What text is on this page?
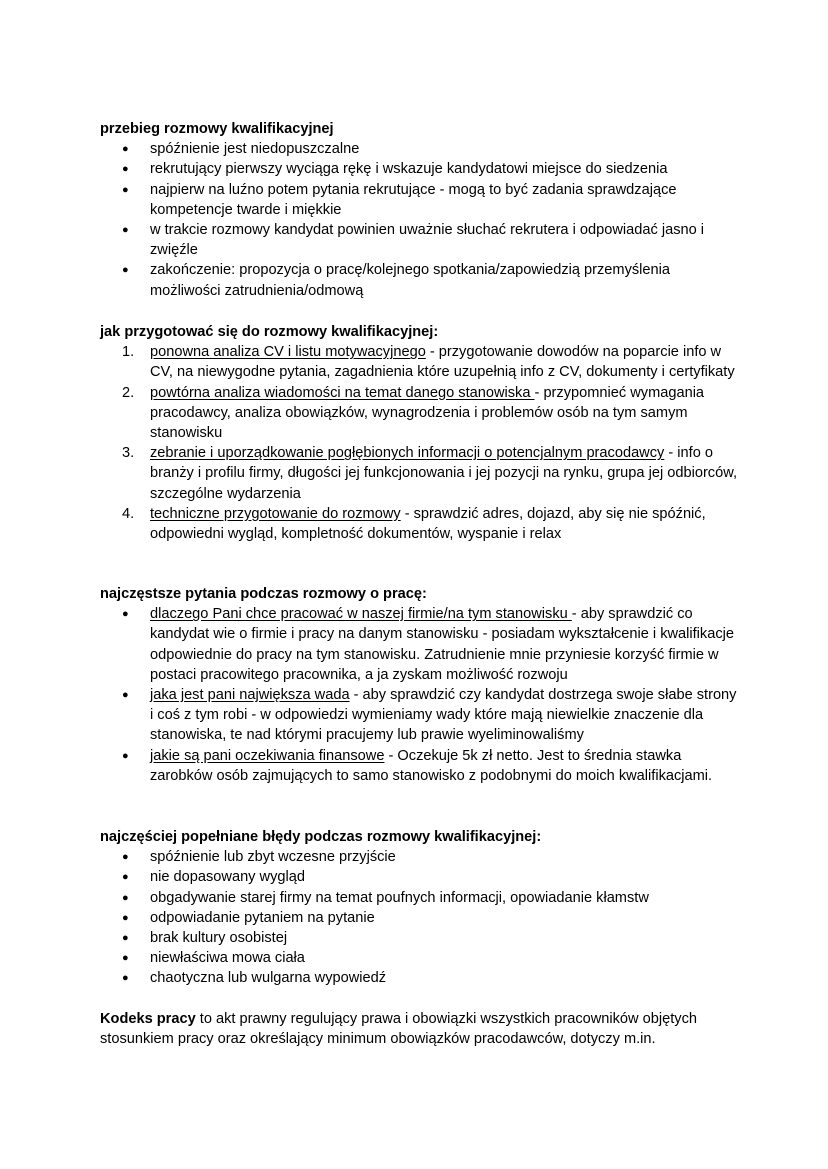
przebieg rozmowy kwalifikacyjnej

● spóźnienie jest niedopuszczalne
● rekrutujący pierwszy wyciąga rękę i wskazuje kandydatowi miejsce do siedzenia
● najpierw na luźno potem pytania rekrutujące - mogą to być zadania sprawdzające kompetencje twarde i miękkie
● w trakcie rozmowy kandydat powinien uważnie słuchać rekrutera i odpowiadać jasno i zwięźle
● zakończenie: propozycja o pracę/kolejnego spotkania/zapowiedzią przemyślenia możliwości zatrudnienia/odmową

jak przygotować się do rozmowy kwalifikacyjnej:

1. ponowna analiza CV i listu motywacyjnego - przygotowanie dowodów na poparcie info w CV, na niewygodne pytania, zagadnienia które uzupełnią info z CV, dokumenty i certyfikaty
2. powtórna analiza wiadomości na temat danego stanowiska - przypomnieć wymagania pracodawcy, analiza obowiązków, wynagrodzenia i problemów osób na tym samym stanowisku
3. zebranie i uporządkowanie pogłębionych informacji o potencjalnym pracodawcy - info o branży i profilu firmy, długości jej funkcjonowania i jej pozycji na rynku, grupa jej odbiorców, szczególne wydarzenia
4. techniczne przygotowanie do rozmowy - sprawdzić adres, dojazd, aby się nie spóźnić, odpowiedni wygląd, kompletność dokumentów, wyspanie i relax

najczęstsze pytania podczas rozmowy o pracę:

● dlaczego Pani chce pracować w naszej firmie/na tym stanowisku - aby sprawdzić co kandydat wie o firmie i pracy na danym stanowisku - posiadam wykształcenie i kwalifikacje odpowiednie do pracy na tym stanowisku. Zatrudnienie mnie przyniesie korzyść firmie w postaci pracowitego pracownika, a ja zyskam możliwość rozwoju
● jaka jest pani największa wada - aby sprawdzić czy kandydat dostrzega swoje słabe strony i coś z tym robi - w odpowiedzi wymieniamy wady które mają niewielkie znaczenie dla stanowiska, te nad którymi pracujemy lub prawie wyeliminowaliśmy
● jakie są pani oczekiwania finansowe - Oczekuje 5k zł netto. Jest to średnia stawka zarobków osób zajmujących to samo stanowisko z podobnymi do moich kwalifikacjami.

najczęściej popełniane błędy podczas rozmowy kwalifikacyjnej:

● spóźnienie lub zbyt wczesne przyjście
● nie dopasowany wygląd
● obgadywanie starej firmy na temat poufnych informacji, opowiadanie kłamstw
● odpowiadanie pytaniem na pytanie
● brak kultury osobistej
● niewłaściwa mowa ciała
● chaotyczna lub wulgarna wypowiedź

Kodeks pracy to akt prawny regulujący prawa i obowiązki wszystkich pracowników objętych stosunkiem pracy oraz określający minimum obowiązków pracodawców, dotyczy m.in.
